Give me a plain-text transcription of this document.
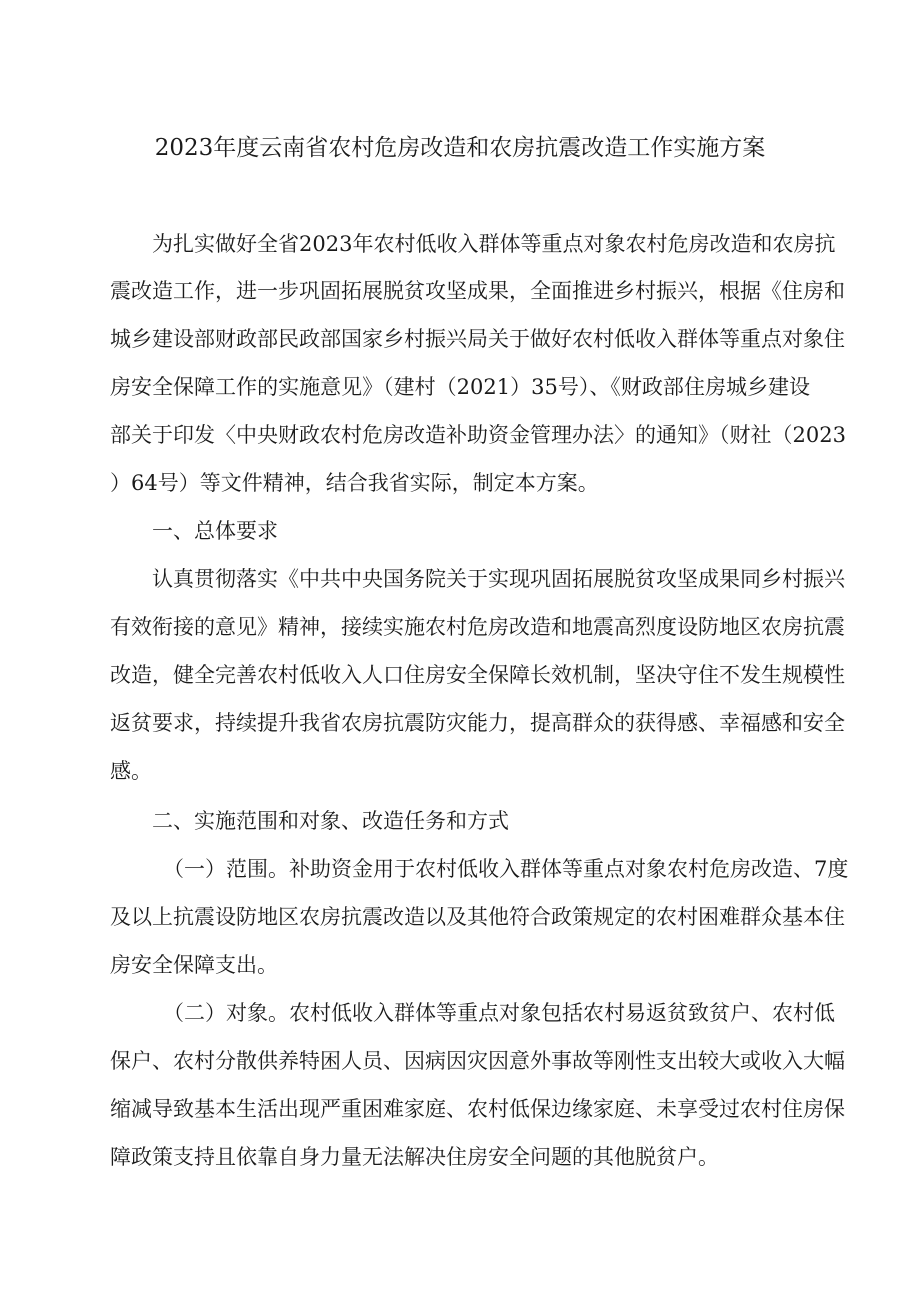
2023年度云南省农村危房改造和农房抗震改造工作实施方案

为扎实做好全省2023年农村低收入群体等重点对象农村危房改造和农房抗

震改造工作，进一步巩固拓展脱贫攻坚成果，全面推进乡村振兴，根据《住房和

城乡建设部财政部民政部国家乡村振兴局关于做好农村低收入群体等重点对象住

房安全保障工作的实施意见》（建村（2021）35号）、《财政部住房城乡建设

部关于印发〈中央财政农村危房改造补助资金管理办法〉的通知》（财社（2023

）64号）等文件精神，结合我省实际，制定本方案。

一、总体要求

认真贯彻落实《中共中央国务院关于实现巩固拓展脱贫攻坚成果同乡村振兴

有效衔接的意见》精神，接续实施农村危房改造和地震高烈度设防地区农房抗震

改造，健全完善农村低收入人口住房安全保障长效机制，坚决守住不发生规模性

返贫要求，持续提升我省农房抗震防灾能力，提高群众的获得感、幸福感和安全

感。

二、实施范围和对象、改造任务和方式

（一）范围。补助资金用于农村低收入群体等重点对象农村危房改造、7度

及以上抗震设防地区农房抗震改造以及其他符合政策规定的农村困难群众基本住

房安全保障支出。

（二）对象。农村低收入群体等重点对象包括农村易返贫致贫户、农村低

保户、农村分散供养特困人员、因病因灾因意外事故等刚性支出较大或收入大幅

缩减导致基本生活出现严重困难家庭、农村低保边缘家庭、未享受过农村住房保

障政策支持且依靠自身力量无法解决住房安全问题的其他脱贫户。
